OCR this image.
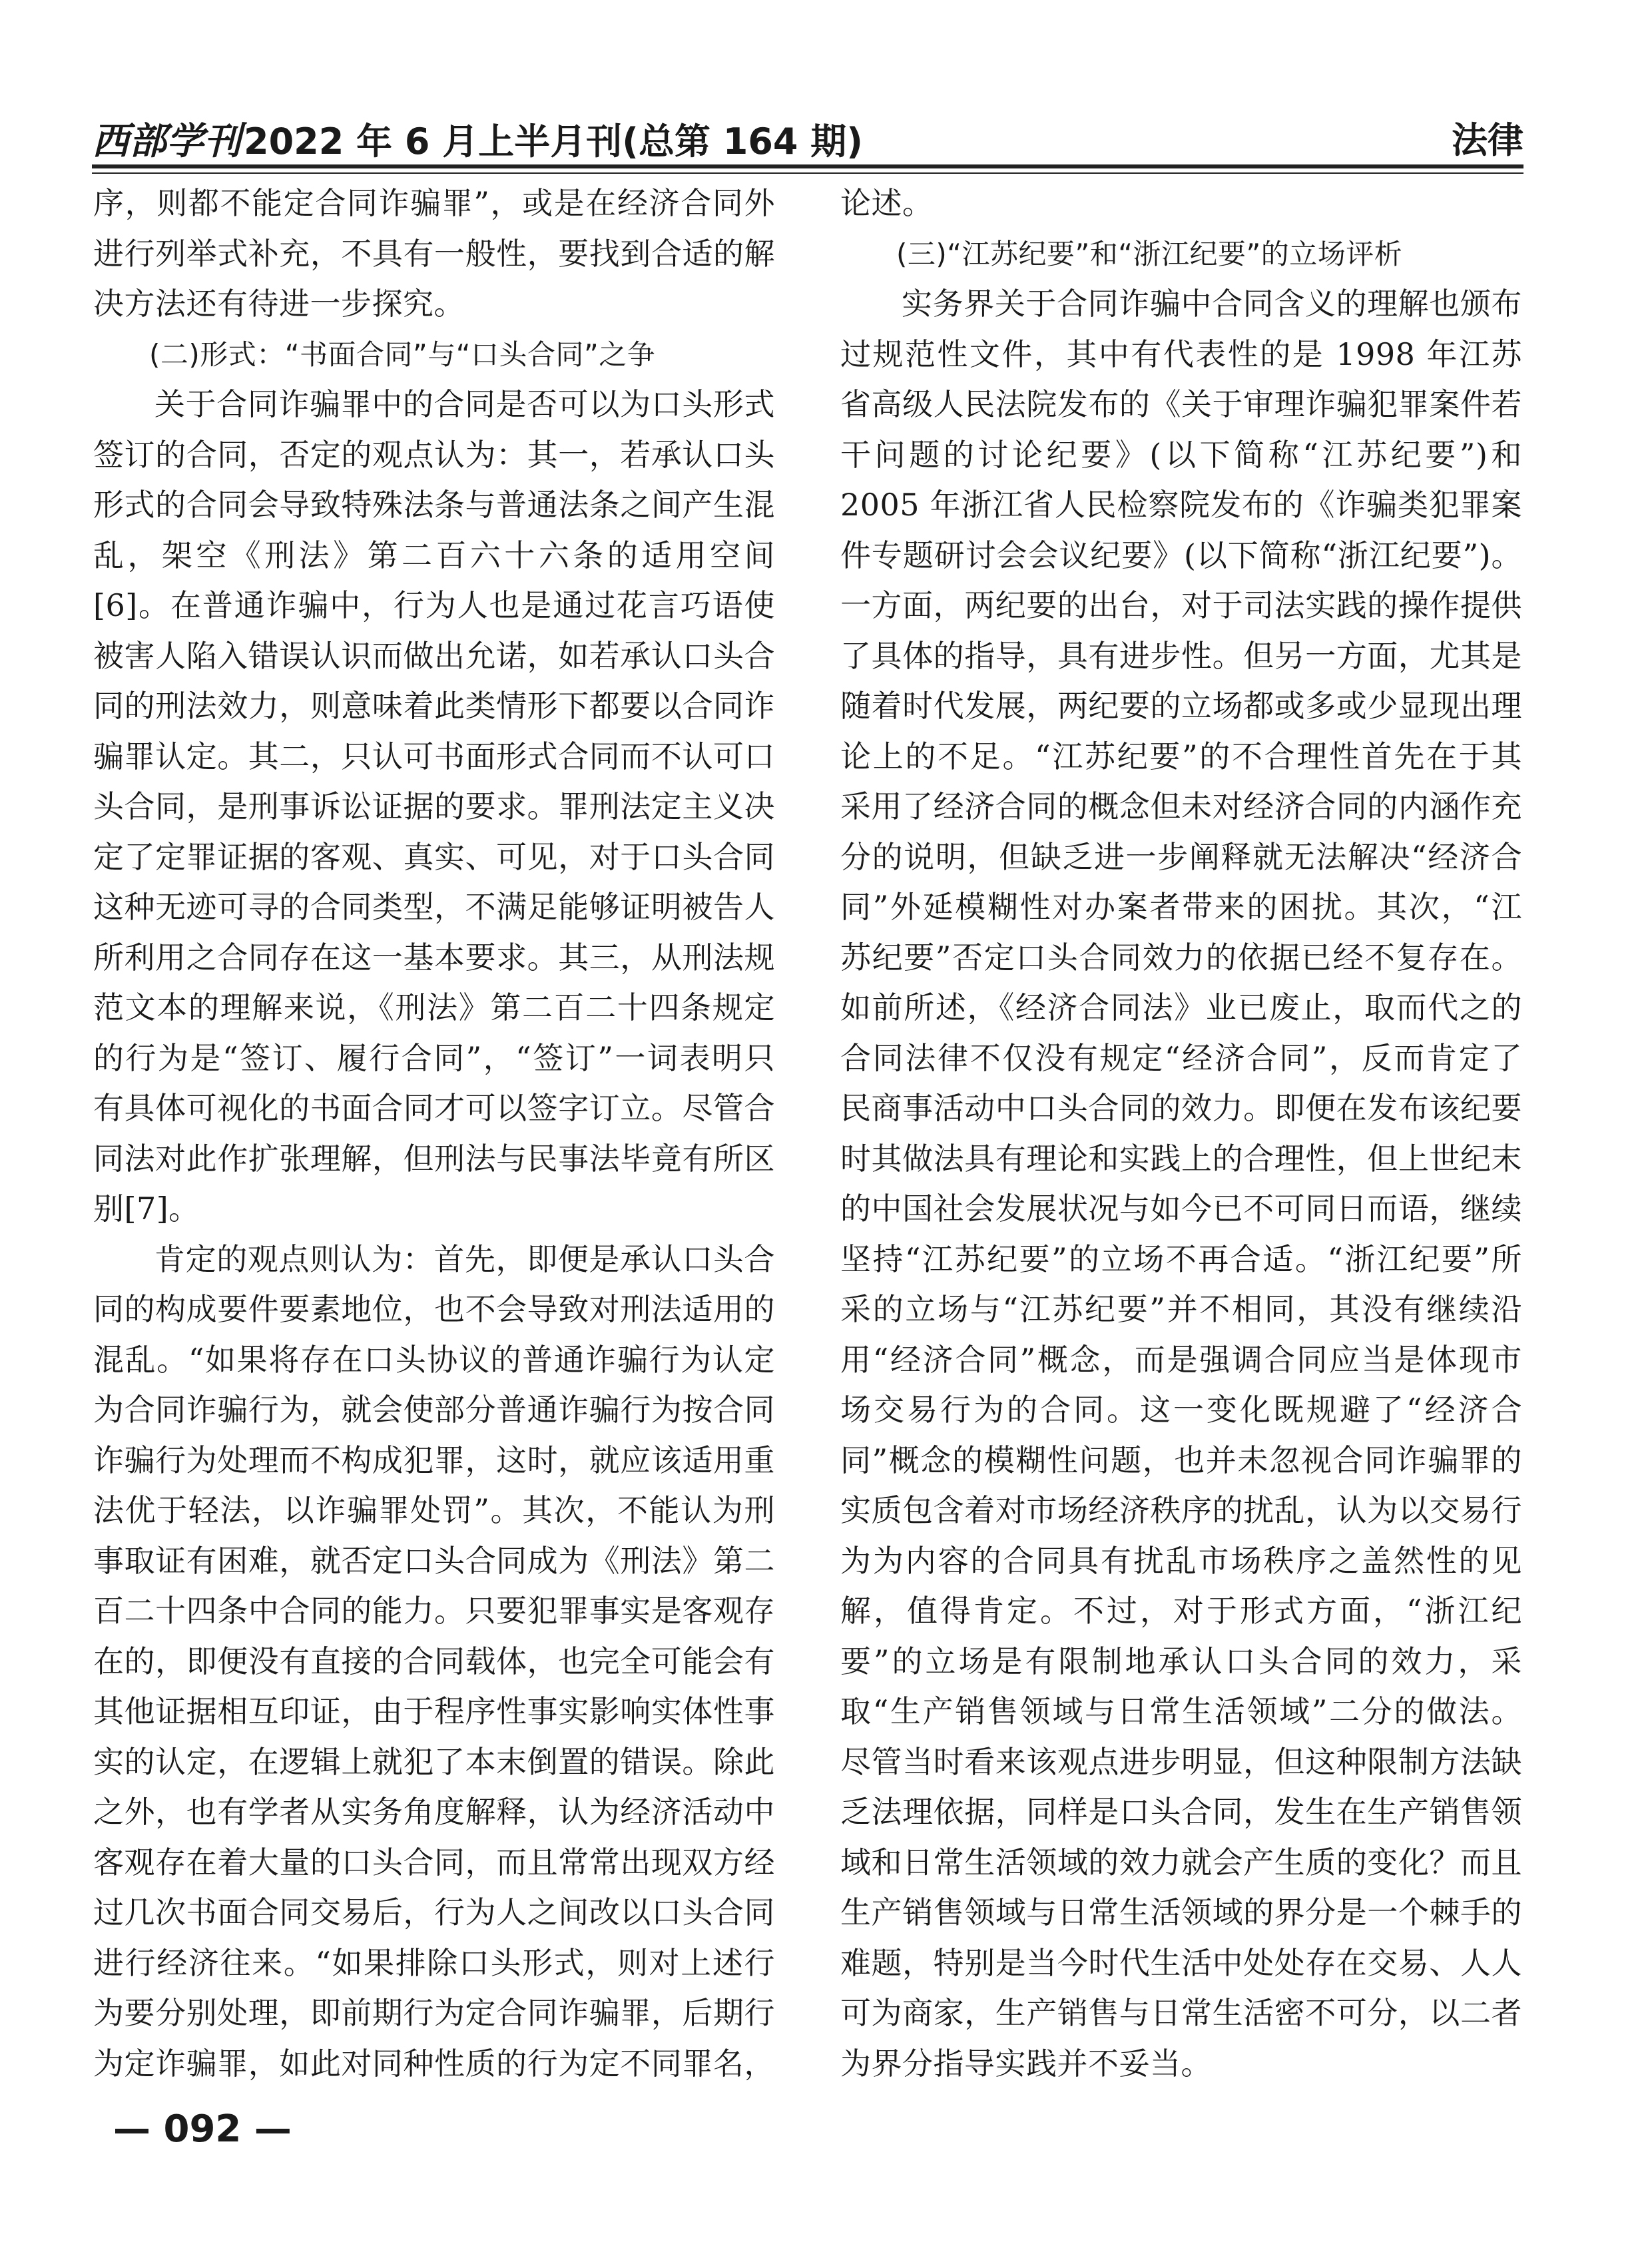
西部学刊2022 年 6 月上半月刊(总第 164 期)	法律

序，则都不能定合同诈骗罪”，或是在经济合同外进行列举式补充，不具有一般性，要找到合适的解决方法还有待进一步探究。

(二)形式：“书面合同”与“口头合同”之争

关于合同诈骗罪中的合同是否可以为口头形式签订的合同，否定的观点认为：其一，若承认口头形式的合同会导致特殊法条与普通法条之间产生混乱，架空《刑法》第二百六十六条的适用空间[6]。在普通诈骗中，行为人也是通过花言巧语使被害人陷入错误认识而做出允诺，如若承认口头合同的刑法效力，则意味着此类情形下都要以合同诈骗罪认定。其二，只认可书面形式合同而不认可口头合同，是刑事诉讼证据的要求。罪刑法定主义决定了定罪证据的客观、真实、可见，对于口头合同这种无迹可寻的合同类型，不满足能够证明被告人所利用之合同存在这一基本要求。其三，从刑法规范文本的理解来说，《刑法》第二百二十四条规定的行为是“签订、履行合同”，“签订”一词表明只有具体可视化的书面合同才可以签字订立。尽管合同法对此作扩张理解，但刑法与民事法毕竟有所区别[7]。

肯定的观点则认为：首先，即便是承认口头合同的构成要件要素地位，也不会导致对刑法适用的混乱。“如果将存在口头协议的普通诈骗行为认定为合同诈骗行为，就会使部分普通诈骗行为按合同诈骗行为处理而不构成犯罪，这时，就应该适用重法优于轻法，以诈骗罪处罚”。其次，不能认为刑事取证有困难，就否定口头合同成为《刑法》第二百二十四条中合同的能力。只要犯罪事实是客观存在的，即便没有直接的合同载体，也完全可能会有其他证据相互印证，由于程序性事实影响实体性事实的认定，在逻辑上就犯了本末倒置的错误。除此之外，也有学者从实务角度解释，认为经济活动中客观存在着大量的口头合同，而且常常出现双方经过几次书面合同交易后，行为人之间改以口头合同进行经济往来。“如果排除口头形式，则对上述行为要分别处理，即前期行为定合同诈骗罪，后期行为定诈骗罪，如此对同种性质的行为定不同罪名，

论述。

(三)“江苏纪要”和“浙江纪要”的立场评析

实务界关于合同诈骗中合同含义的理解也颁布过规范性文件，其中有代表性的是 1998 年江苏省高级人民法院发布的《关于审理诈骗犯罪案件若干问题的讨论纪要》(以下简称“江苏纪要”)和 2005 年浙江省人民检察院发布的《诈骗类犯罪案件专题研讨会会议纪要》(以下简称“浙江纪要”)。一方面，两纪要的出台，对于司法实践的操作提供了具体的指导，具有进步性。但另一方面，尤其是随着时代发展，两纪要的立场都或多或少显现出理论上的不足。“江苏纪要”的不合理性首先在于其采用了经济合同的概念但未对经济合同的内涵作充分的说明，但缺乏进一步阐释就无法解决“经济合同”外延模糊性对办案者带来的困扰。其次，“江苏纪要”否定口头合同效力的依据已经不复存在。如前所述，《经济合同法》业已废止，取而代之的合同法律不仅没有规定“经济合同”，反而肯定了民商事活动中口头合同的效力。即便在发布该纪要时其做法具有理论和实践上的合理性，但上世纪末的中国社会发展状况与如今已不可同日而语，继续坚持“江苏纪要”的立场不再合适。“浙江纪要”所采的立场与“江苏纪要”并不相同，其没有继续沿用“经济合同”概念，而是强调合同应当是体现市场交易行为的合同。这一变化既规避了“经济合同”概念的模糊性问题，也并未忽视合同诈骗罪的实质包含着对市场经济秩序的扰乱，认为以交易行为为内容的合同具有扰乱市场秩序之盖然性的见解，值得肯定。不过，对于形式方面，“浙江纪要”的立场是有限制地承认口头合同的效力，采取“生产销售领域与日常生活领域”二分的做法。尽管当时看来该观点进步明显，但这种限制方法缺乏法理依据，同样是口头合同，发生在生产销售领域和日常生活领域的效力就会产生质的变化？而且生产销售领域与日常生活领域的界分是一个棘手的难题，特别是当今时代生活中处处存在交易、人人可为商家，生产销售与日常生活密不可分，以二者为界分指导实践并不妥当。

— 092 —
